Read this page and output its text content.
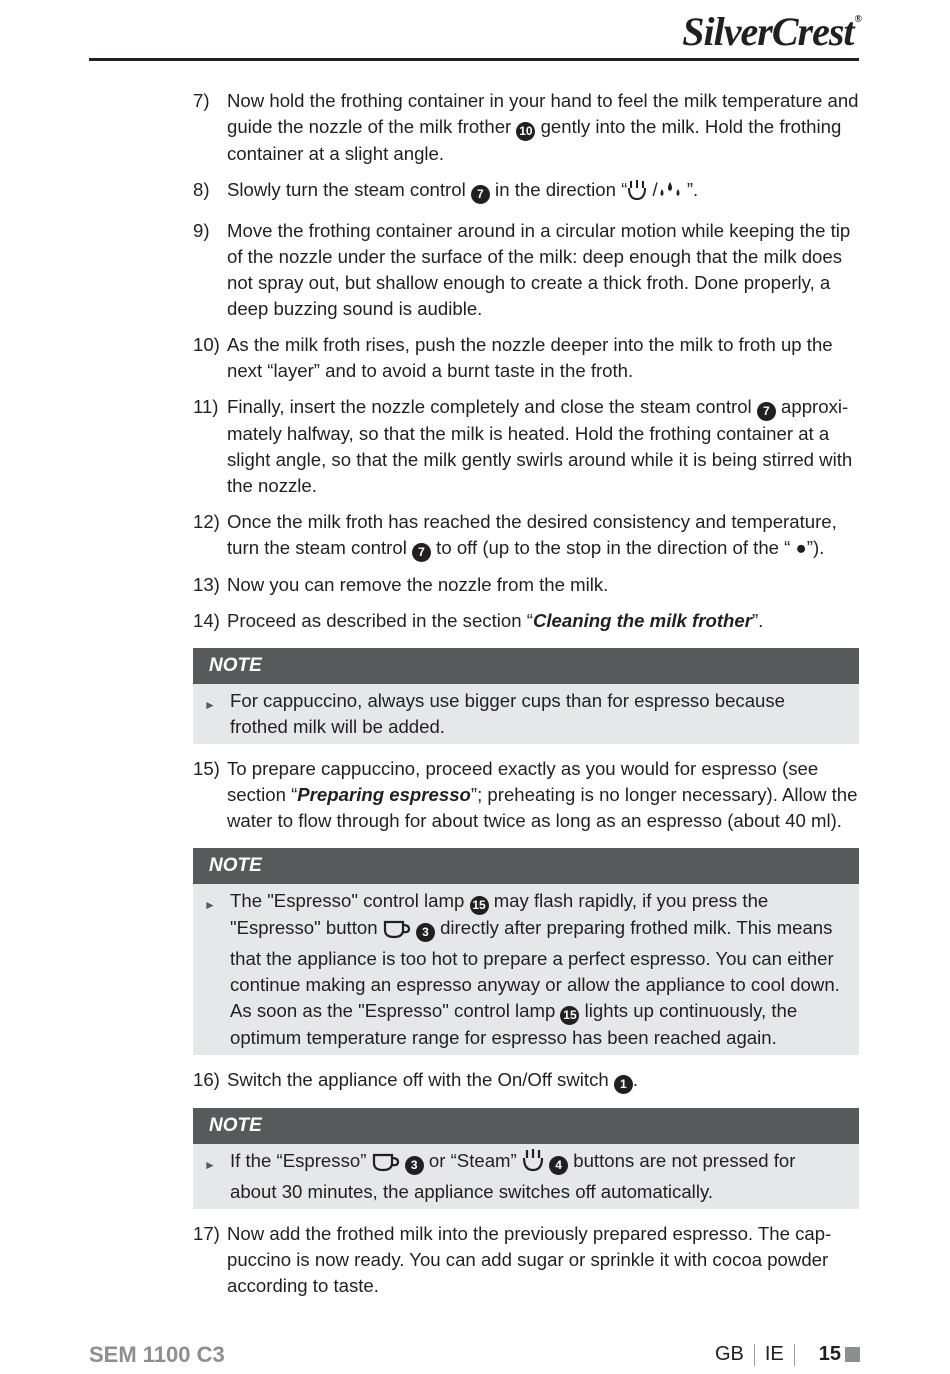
SilverCrest®
7) Now hold the frothing container in your hand to feel the milk temperature and guide the nozzle of the milk frother 10 gently into the milk. Hold the frothing container at a slight angle.
8) Slowly turn the steam control 7 in the direction “ / ”.
9) Move the frothing container around in a circular motion while keeping the tip of the nozzle under the surface of the milk: deep enough that the milk does not spray out, but shallow enough to create a thick froth. Done properly, a deep buzzing sound is audible.
10) As the milk froth rises, push the nozzle deeper into the milk to froth up the next “layer” and to avoid a burnt taste in the froth.
11) Finally, insert the nozzle completely and close the steam control 7 approxi-mately halfway, so that the milk is heated. Hold the frothing container at a slight angle, so that the milk gently swirls around while it is being stirred with the nozzle.
12) Once the milk froth has reached the desired consistency and temperature, turn the steam control 7 to off (up to the stop in the direction of the “ ●”).
13) Now you can remove the nozzle from the milk.
14) Proceed as described in the section “Cleaning the milk frother”.
NOTE
► For cappuccino, always use bigger cups than for espresso because frothed milk will be added.
15) To prepare cappuccino, proceed exactly as you would for espresso (see section “Preparing espresso”; preheating is no longer necessary). Allow the water to flow through for about twice as long as an espresso (about 40 ml).
NOTE
► The "Espresso" control lamp 15 may flash rapidly, if you press the "Espresso" button	3 directly after preparing frothed milk. This means that the appliance is too hot to prepare a perfect espresso. You can either continue making an espresso anyway or allow the appliance to cool down.
As soon as the "Espresso" control lamp 15 lights up continuously, the optimum temperature range for espresso has been reached again.
16) Switch the appliance off with the On/Off switch 1 .
NOTE
► If the “Espresso”	3 or “Steam”	4 buttons are not pressed for about 30 minutes, the appliance switches off automatically.
17) Now add the frothed milk into the previously prepared espresso. The cap-puccino is now ready. You can add sugar or sprinkle it with cocoa powder according to taste.
SEM 1100 C3	GB IE 15
